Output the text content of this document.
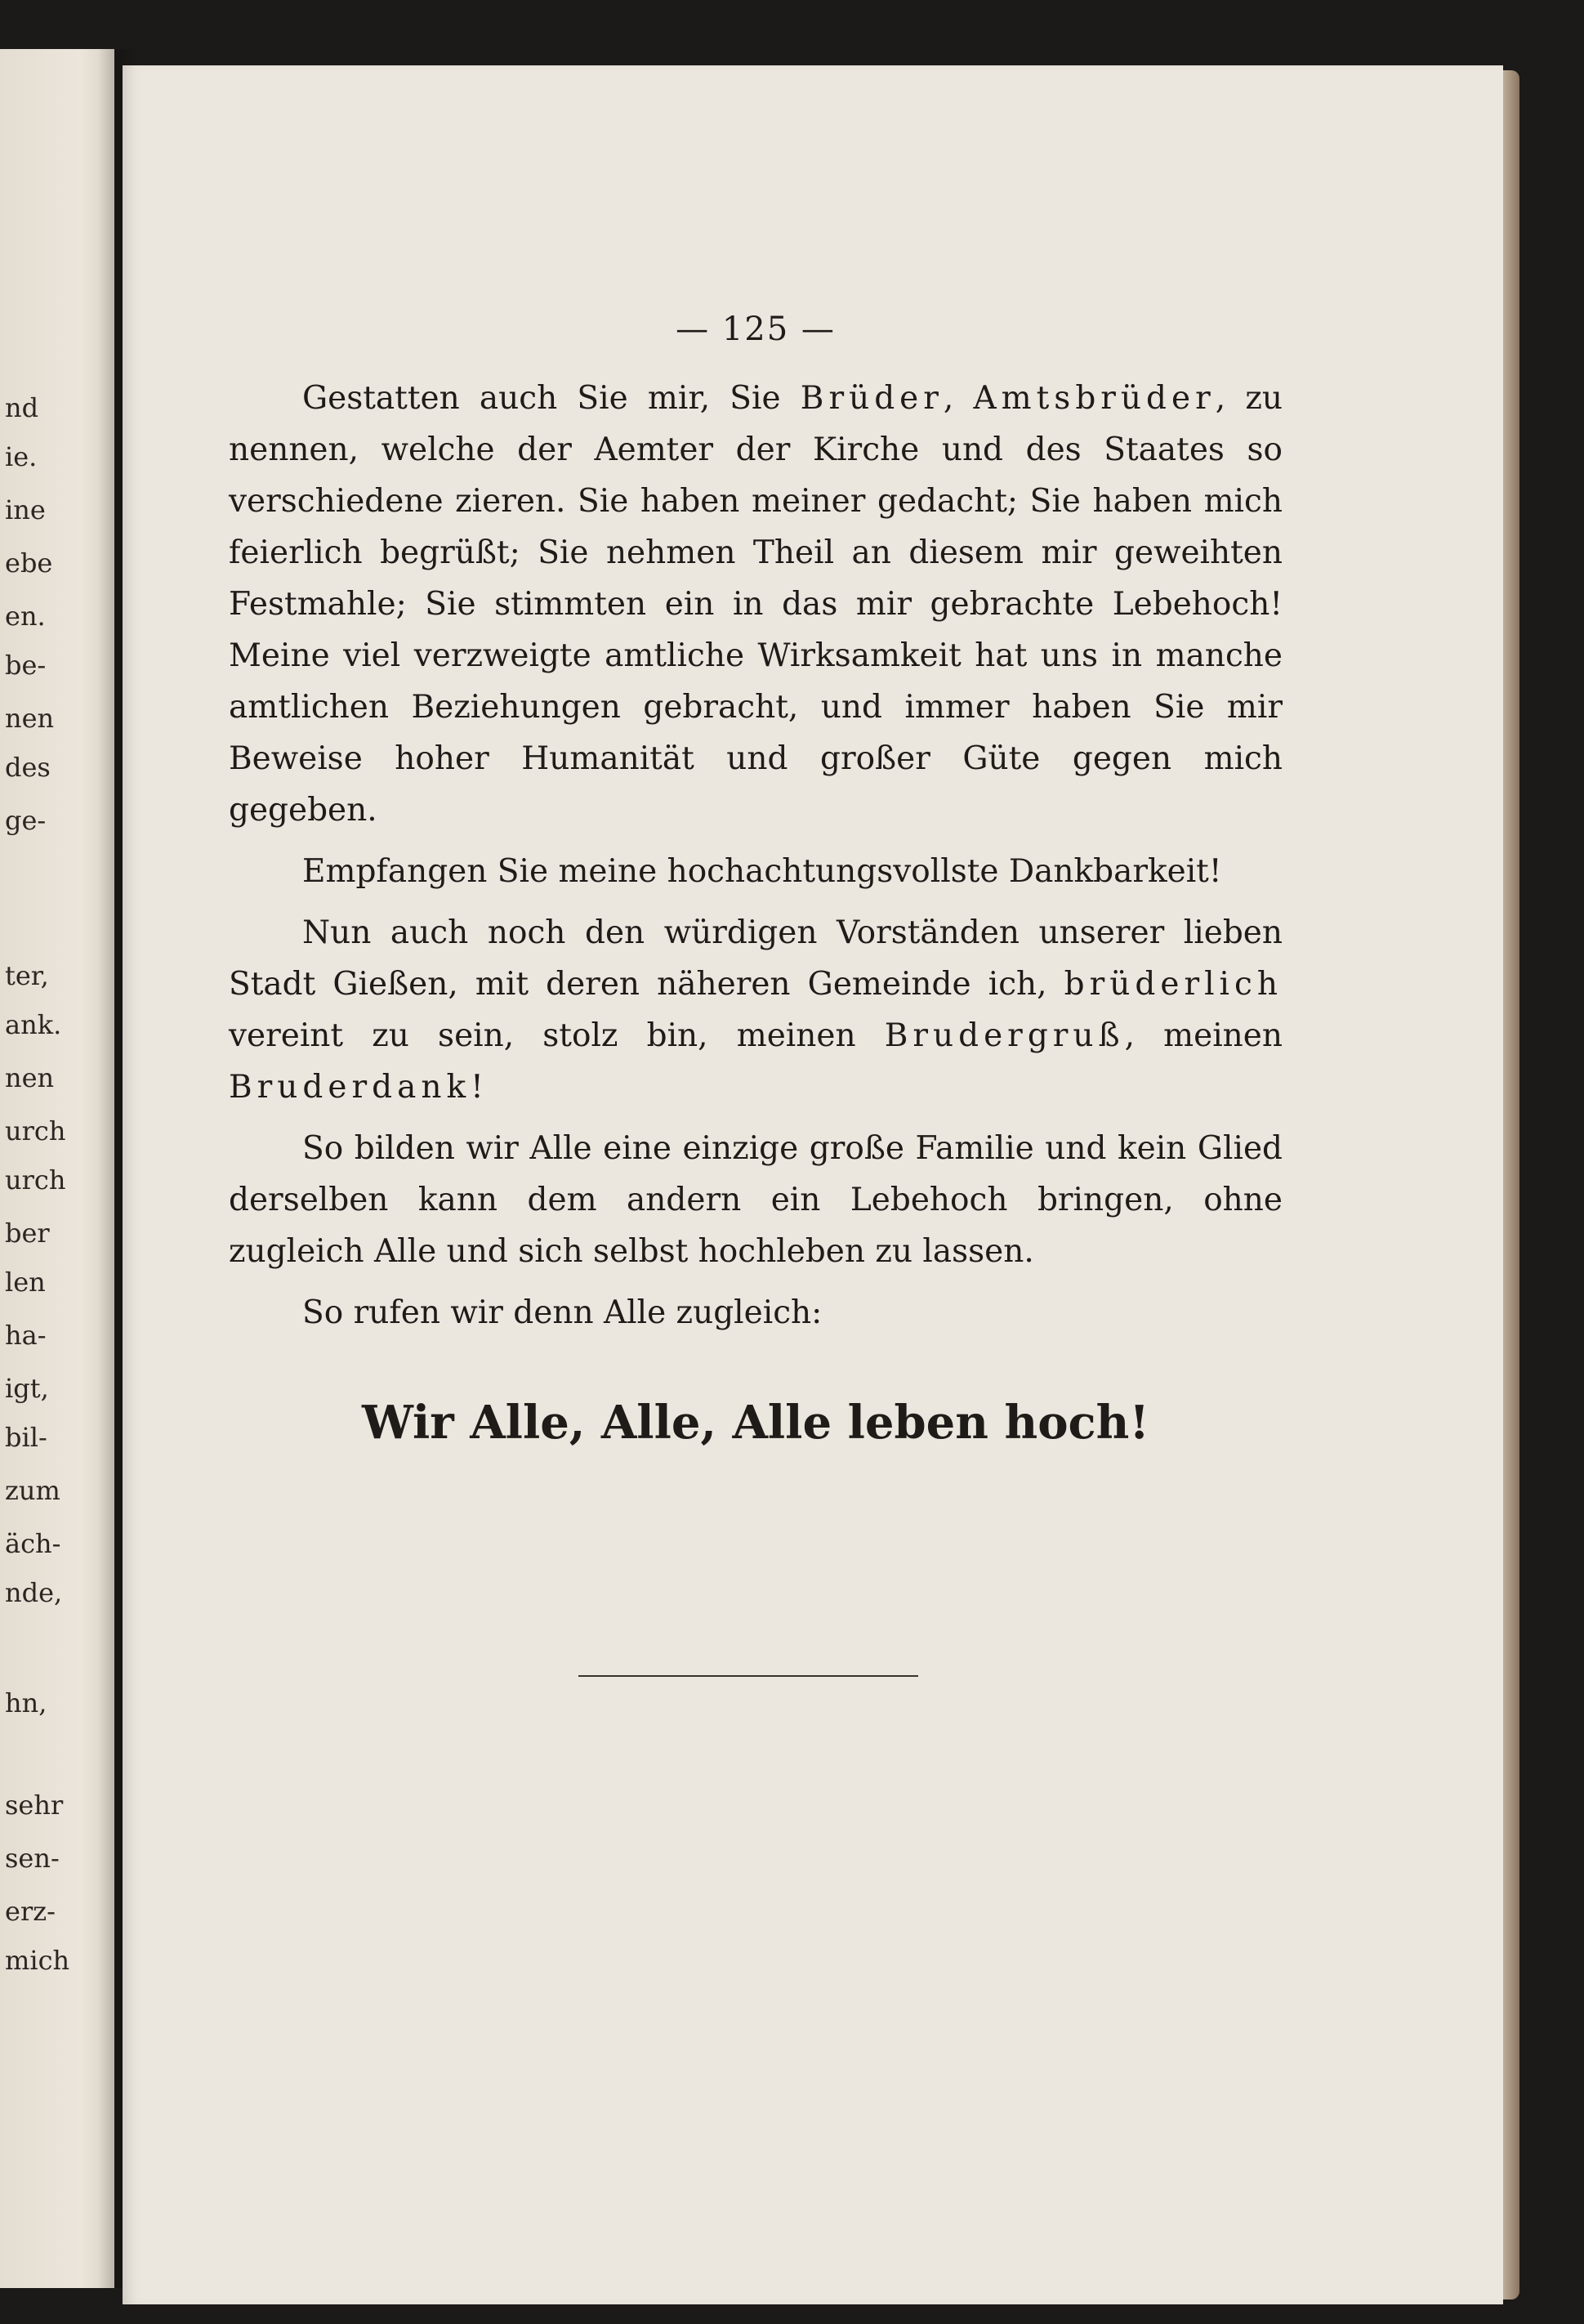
nd
ie.
ine
ebe
en.
be-
nen
des
ge-
ter,
ank.
nen
urch
urch
ber
len
ha-
igt,
bil-
zum
äch-
nde,
hn,
sehr
sen-
erz-
mich
— 125 —

Gestatten auch Sie mir, Sie Brüder, Amtsbrüder, zu nennen, welche der Aemter der Kirche und des Staates so verschiedene zieren. Sie haben meiner gedacht; Sie haben mich feierlich begrüßt; Sie nehmen Theil an diesem mir geweihten Festmahle; Sie stimmten ein in das mir gebrachte Lebehoch! Meine viel verzweigte amtliche Wirksamkeit hat uns in manche amtlichen Beziehungen gebracht, und immer haben Sie mir Beweise hoher Humanität und großer Güte gegen mich gegeben.

Empfangen Sie meine hochachtungsvollste Dankbarkeit!

Nun auch noch den würdigen Vorständen unserer lieben Stadt Gießen, mit deren näheren Gemeinde ich, brüderlich vereint zu sein, stolz bin, meinen Brudergruß, meinen Bruderdank!

So bilden wir Alle eine einzige große Familie und kein Glied derselben kann dem andern ein Lebehoch bringen, ohne zugleich Alle und sich selbst hochleben zu lassen.

So rufen wir denn Alle zugleich:

Wir Alle, Alle, Alle leben hoch!
